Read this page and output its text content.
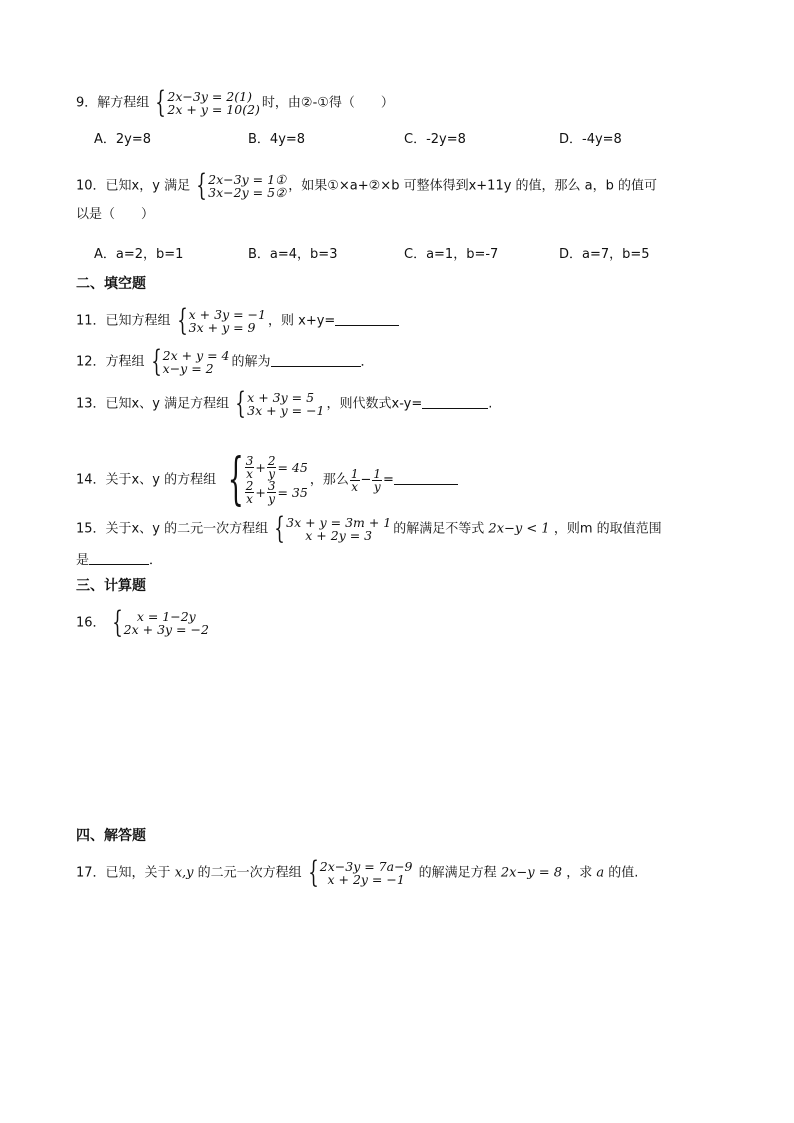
9．解方程组 { 2x−3y = 2(1)
2x + y = 10(2) 时，由②-①得（　　）
A．2y=8	B．4y=8	C．-2y=8	D．-4y=8
10．已知x，y 满足 { 2x−3y = 1①
3x−2y = 5② ，如果①×a+②×b 可整体得到x+11y 的值，那么 a，b 的值可
以是（　　）
A．a=2，b=1	B．a=4，b=3	C．a=1，b=-7	D．a=7，b=5
二、填空题
11．已知方程组 { x + 3y = −1
3x + y = 9 ，则 x+y=
12．方程组 { 2x + y = 4
x−y = 2	的解为	．
13．已知x、y 满足方程组 { x + 3y = 5
3x + y = −1 ，则代数式x-y=	.
14．关于x、y 的方程组 { $\frac{3}{x} + \frac{2}{y} = 45$
$\frac{2}{x} + \frac{3}{y} = 35$
，那么 $\frac{1}{x} - \frac{1}{y}$ =
15．关于x、y 的二元一次方程组 { 3x + y = 3m + 1
x + 2y = 3 的解满足不等式 2x−y < 1 ，则m 的取值范围
是	．
三、计算题
16． { x = 1−2y
2x + 3y = −2
四、解答题
17．已知，关于 x,y 的二元一次方程组 { 2x−3y = 7a−9
x + 2y = −1 的解满足方程 2x−y = 8 ，求 a 的值.
